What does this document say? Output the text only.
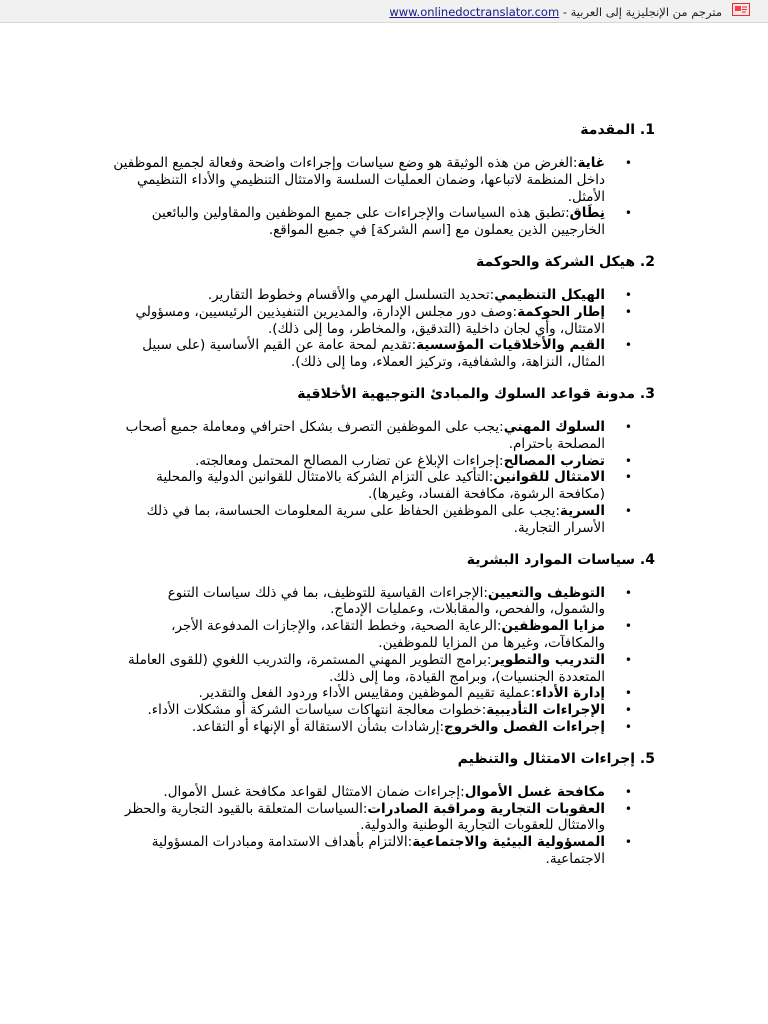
مترجم من الإنجليزية إلى العربية - www.onlinedoctranslator.com
1. المقدمة
• غاية:الغرض من هذه الوثيقة هو وضع سياسات وإجراءات واضحة وفعالة لجميع الموظفين داخل المنظمة لاتباعها، وضمان العمليات السلسة والامتثال التنظيمي والأداء التنظيمي الأمثل.
• نِطَاق:تطبق هذه السياسات والإجراءات على جميع الموظفين والمقاولين والبائعين الخارجيين الذين يعملون مع [اسم الشركة] في جميع المواقع.
2. هيكل الشركة والحوكمة
• الهيكل التنظيمي:تحديد التسلسل الهرمي والأقسام وخطوط التقارير.
• إطار الحوكمة:وصف دور مجلس الإدارة، والمديرين التنفيذيين الرئيسيين، ومسؤولي الامتثال، وأي لجان داخلية (التدقيق، والمخاطر، وما إلى ذلك).
• القيم والأخلاقيات المؤسسية:تقديم لمحة عامة عن القيم الأساسية (على سبيل المثال، النزاهة، والشفافية، وتركيز العملاء، وما إلى ذلك).
3. مدونة قواعد السلوك والمبادئ التوجيهية الأخلاقية
• السلوك المهني:يجب على الموظفين التصرف بشكل احترافي ومعاملة جميع أصحاب المصلحة باحترام.
• تضارب المصالح:إجراءات الإبلاغ عن تضارب المصالح المحتمل ومعالجته.
• الامتثال للقوانين:التأكيد على التزام الشركة بالامتثال للقوانين الدولية والمحلية (مكافحة الرشوة، مكافحة الفساد، وغيرها).
• السرية:يجب على الموظفين الحفاظ على سرية المعلومات الحساسة، بما في ذلك الأسرار التجارية.
4. سياسات الموارد البشرية
• التوظيف والتعيين:الإجراءات القياسية للتوظيف، بما في ذلك سياسات التنوع والشمول، والفحص، والمقابلات، وعمليات الإدماج.
• مزايا الموظفين:الرعاية الصحية، وخطط التقاعد، والإجازات المدفوعة الأجر، والمكافآت، وغيرها من المزايا للموظفين.
• التدريب والتطوير:برامج التطوير المهني المستمرة، والتدريب اللغوي (للقوى العاملة المتعددة الجنسيات)، وبرامج القيادة، وما إلى ذلك.
• إدارة الأداء:عملية تقييم الموظفين ومقاييس الأداء وردود الفعل والتقدير.
• الإجراءات التأديبية:خطوات معالجة انتهاكات سياسات الشركة أو مشكلات الأداء.
• إجراءات الفصل والخروج:إرشادات بشأن الاستقالة أو الإنهاء أو التقاعد.
5. إجراءات الامتثال والتنظيم
• مكافحة غسل الأموال:إجراءات ضمان الامتثال لقواعد مكافحة غسل الأموال.
• العقوبات التجارية ومراقبة الصادرات:السياسات المتعلقة بالقيود التجارية والحظر والامتثال للعقوبات التجارية الوطنية والدولية.
• المسؤولية البيئية والاجتماعية:الالتزام بأهداف الاستدامة ومبادرات المسؤولية الاجتماعية.
